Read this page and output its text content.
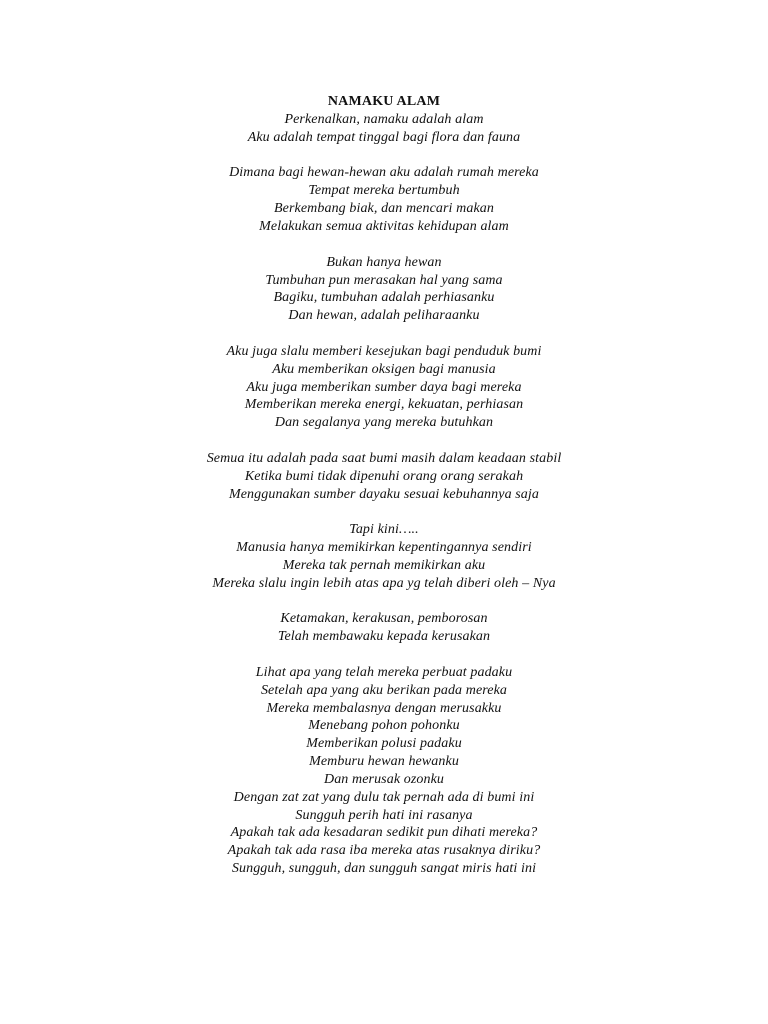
NAMAKU ALAM
Perkenalkan, namaku adalah alam
Aku adalah tempat tinggal bagi flora dan fauna
Dimana bagi hewan-hewan aku adalah rumah mereka
Tempat mereka bertumbuh
Berkembang biak, dan mencari makan
Melakukan semua aktivitas kehidupan alam
Bukan hanya hewan
Tumbuhan pun merasakan hal yang sama
Bagiku, tumbuhan adalah perhiasanku
Dan hewan, adalah peliharaanku
Aku juga slalu memberi kesejukan bagi penduduk bumi
Aku memberikan oksigen bagi manusia
Aku juga memberikan sumber daya bagi mereka
Memberikan mereka energi, kekuatan, perhiasan
Dan segalanya yang mereka butuhkan
Semua itu adalah pada saat bumi masih dalam keadaan stabil
Ketika bumi tidak dipenuhi orang orang serakah
Menggunakan sumber dayaku sesuai kebuhannya saja
Tapi kini…..
Manusia hanya memikirkan kepentingannya sendiri
Mereka tak pernah memikirkan aku
Mereka slalu ingin lebih atas apa yg telah diberi oleh – Nya
Ketamakan, kerakusan, pemborosan
Telah membawaku kepada kerusakan
Lihat apa yang telah mereka perbuat padaku
Setelah apa yang aku berikan pada mereka
Mereka membalasnya dengan merusakku
Menebang pohon pohonku
Memberikan polusi padaku
Memburu hewan hewanku
Dan merusak ozonku
Dengan zat zat yang dulu tak pernah ada di bumi ini
Sungguh perih hati ini rasanya
Apakah tak ada kesadaran sedikit pun dihati mereka?
Apakah tak ada rasa iba mereka atas rusaknya diriku?
Sungguh, sungguh, dan sungguh sangat miris hati ini
